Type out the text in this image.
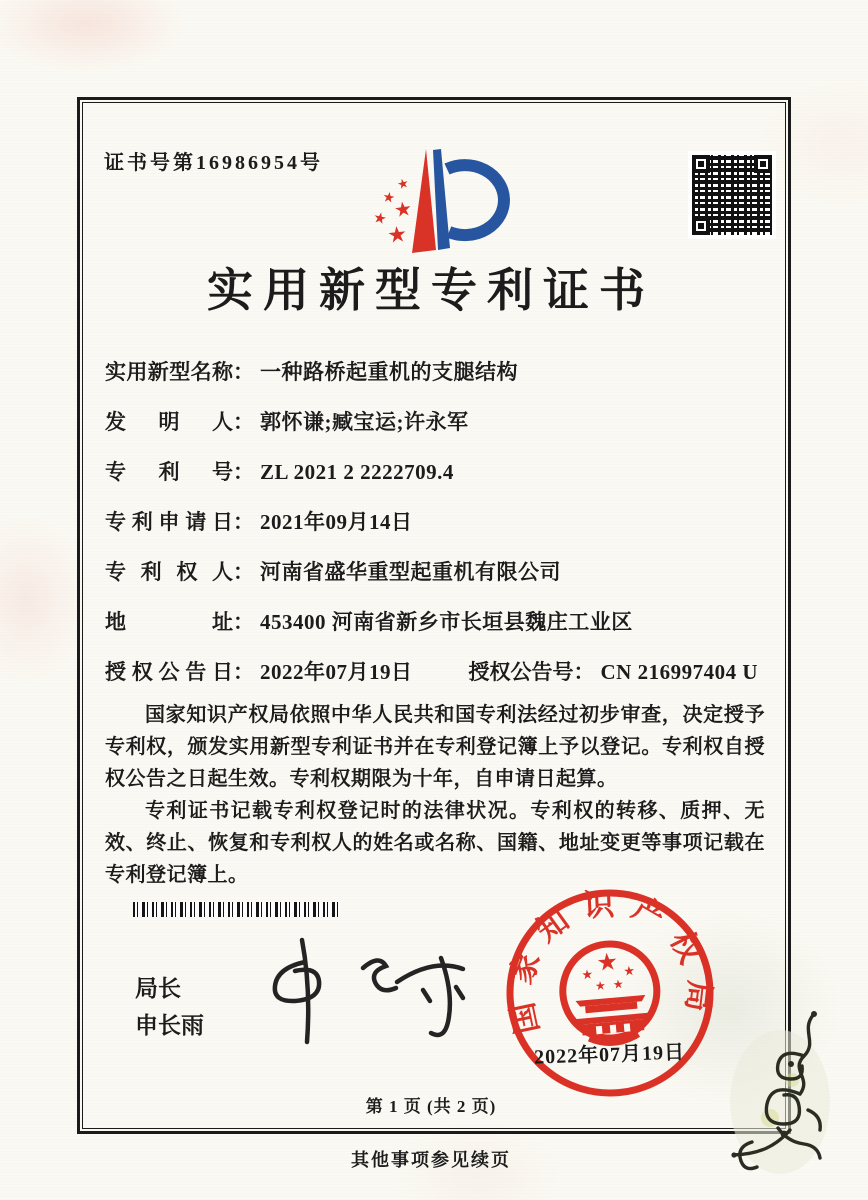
证书号第16986954号
★
★
★
★
★
实用新型专利证书
实用新型名称： 一种路桥起重机的支腿结构
发明人： 郭怀谦;臧宝运;许永军
专利号： ZL 2021 2 2222709.4
专利申请日： 2021年09月14日
专利权人： 河南省盛华重型起重机有限公司
地址： 453400 河南省新乡市长垣县魏庄工业区
授权公告日： 2022年07月19日	授权公告号： CN 216997404 U

国家知识产权局依照中华人民共和国专利法经过初步审查，决定授予专利权，颁发实用新型专利证书并在专利登记簿上予以登记。专利权自授权公告之日起生效。专利权期限为十年，自申请日起算。

专利证书记载专利权登记时的法律状况。专利权的转移、质押、无效、终止、恢复和专利权人的姓名或名称、国籍、地址变更等事项记载在专利登记簿上。

局长
申长雨	国家知识产权局
★
★ ★
★ ★
2022年07月19日
第 1 页 (共 2 页)
其他事项参见续页
